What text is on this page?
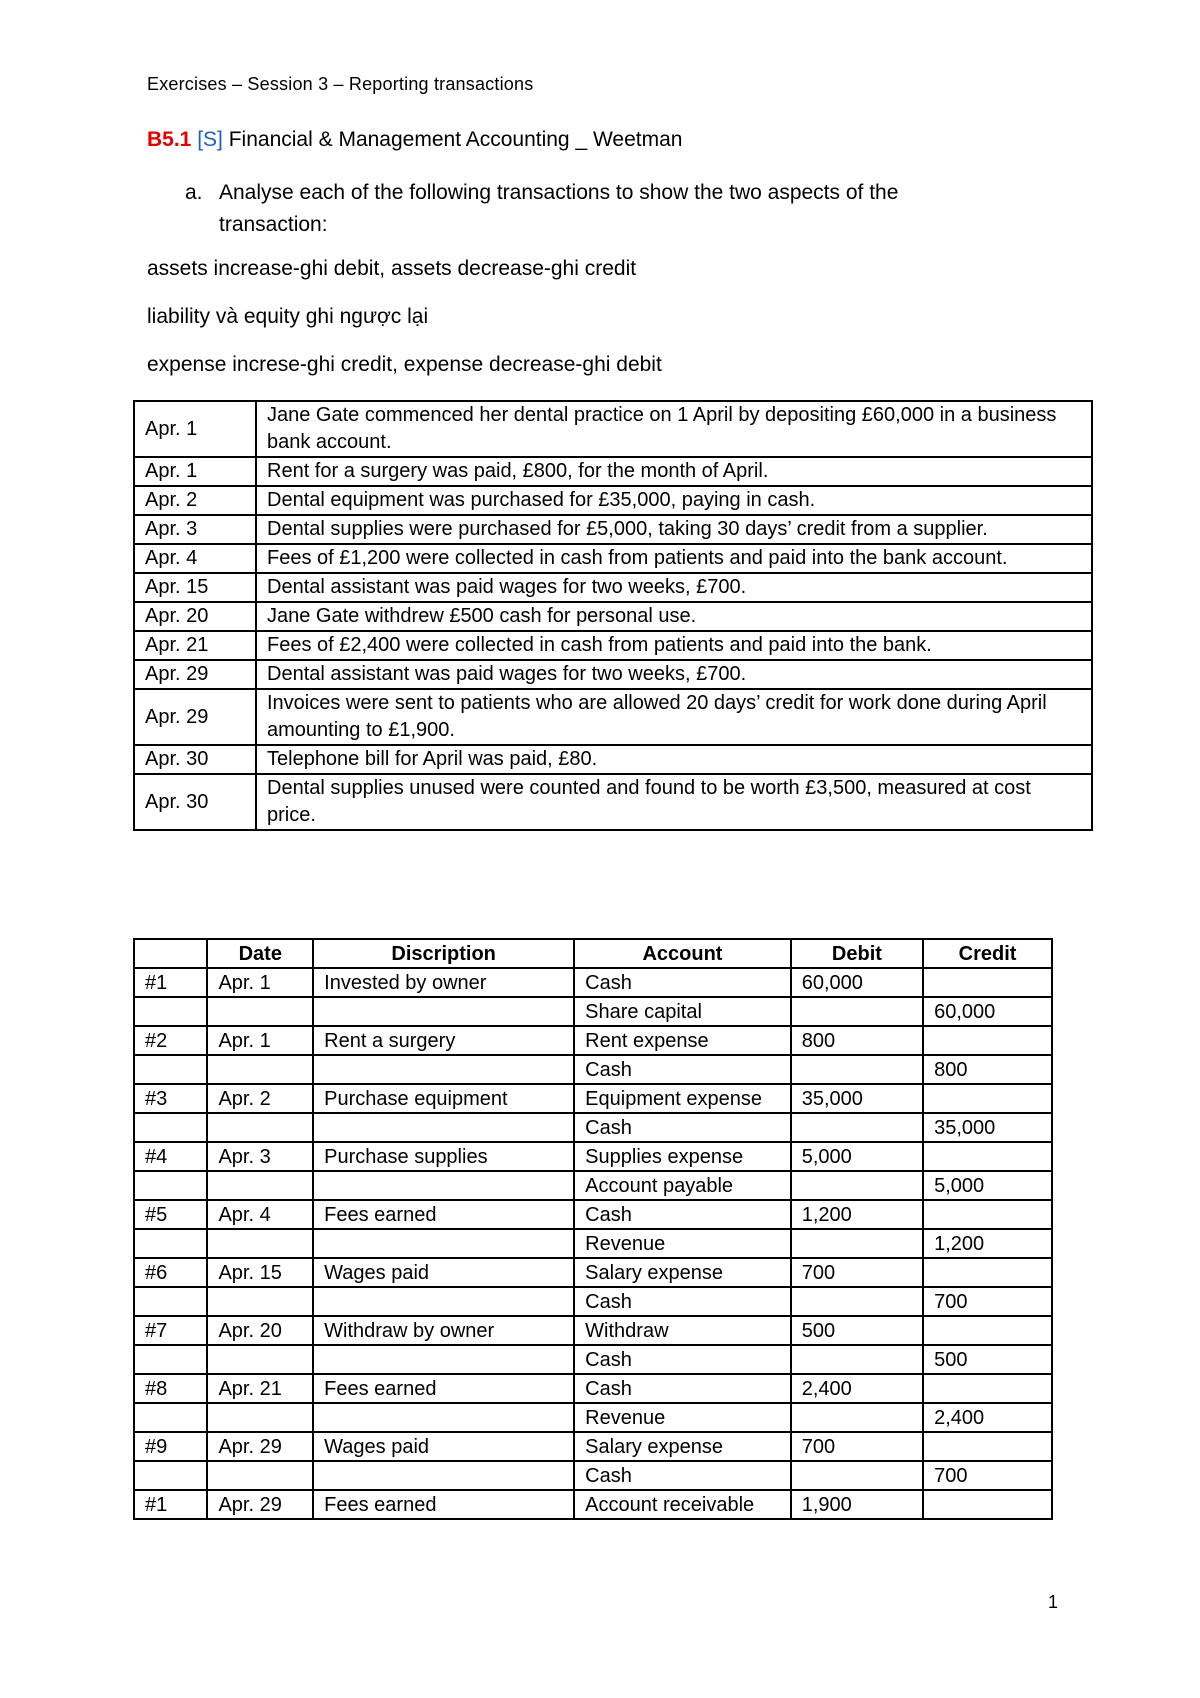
Exercises – Session 3 – Reporting transactions
B5.1 [S] Financial & Management Accounting _ Weetman
a. Analyse each of the following transactions to show the two aspects of the transaction:
assets increase-ghi debit, assets decrease-ghi credit
liability và equity ghi ngược lại
expense increse-ghi credit, expense decrease-ghi debit
Apr. 1	Jane Gate commenced her dental practice on 1 April by depositing £60,000 in a business bank account.
Apr. 1	Rent for a surgery was paid, £800, for the month of April.
Apr. 2	Dental equipment was purchased for £35,000, paying in cash.
Apr. 3	Dental supplies were purchased for £5,000, taking 30 days’ credit from a supplier.
Apr. 4	Fees of £1,200 were collected in cash from patients and paid into the bank account.
Apr. 15	Dental assistant was paid wages for two weeks, £700.
Apr. 20	Jane Gate withdrew £500 cash for personal use.
Apr. 21	Fees of £2,400 were collected in cash from patients and paid into the bank.
Apr. 29	Dental assistant was paid wages for two weeks, £700.
Apr. 29	Invoices were sent to patients who are allowed 20 days’ credit for work done during April amounting to £1,900.
Apr. 30	Telephone bill for April was paid, £80.
Apr. 30	Dental supplies unused were counted and found to be worth £3,500, measured at cost price.
	Date	Discription	Account	Debit	Credit
#1	Apr. 1	Invested by owner	Cash	60,000	
			Share capital		60,000
#2	Apr. 1	Rent a surgery	Rent expense	800	
			Cash		800
#3	Apr. 2	Purchase equipment	Equipment expense	35,000	
			Cash		35,000
#4	Apr. 3	Purchase supplies	Supplies expense	5,000	
			Account payable		5,000
#5	Apr. 4	Fees earned	Cash	1,200	
			Revenue		1,200
#6	Apr. 15	Wages paid	Salary expense	700	
			Cash		700
#7	Apr. 20	Withdraw by owner	Withdraw	500	
			Cash		500
#8	Apr. 21	Fees earned	Cash	2,400	
			Revenue		2,400
#9	Apr. 29	Wages paid	Salary expense	700	
			Cash		700
#1	Apr. 29	Fees earned	Account receivable	1,900	
1
